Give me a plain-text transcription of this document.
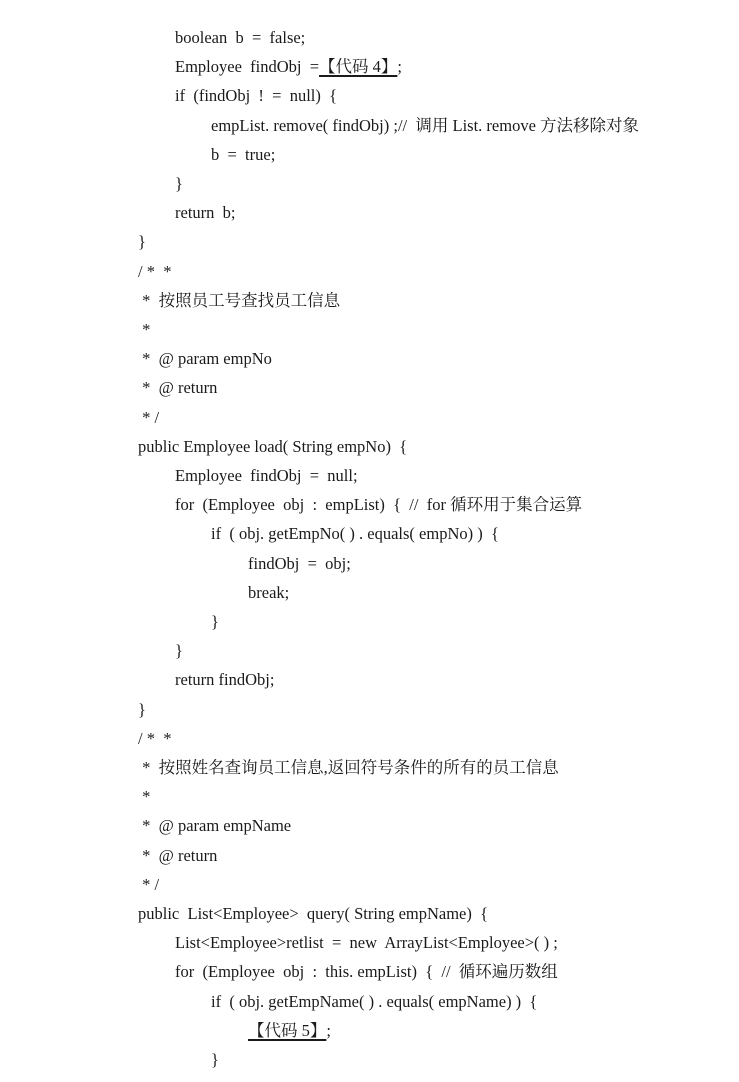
boolean  b  =  false;
Employee  findObj  =【代码 4】;
if  (findObj  !  =  null)  {
empList. remove( findObj) ;//  调用 List. remove 方法移除对象
b  =  true;
}
return  b;
}
/ *  *
*  按照员工号查找员工信息
*
*  @ param empNo
*  @ return
* /
public Employee load( String empNo)  {
Employee  findObj  =  null;
for  (Employee  obj  :  empList)  {  //  for 循环用于集合运算
if  ( obj. getEmpNo( ) . equals( empNo) )  {
findObj  =  obj;
break;
}
}
return findObj;
}
/ *  *
*  按照姓名查询员工信息,返回符号条件的所有的员工信息
*
*  @ param empName
*  @ return
* /
public  List<Employee>  query( String empName)  {
List<Employee>retlist  =  new  ArrayList<Employee>( ) ;
for  (Employee  obj  :  this. empList)  {  //  循环遍历数组
if  ( obj. getEmpName( ) . equals( empName) )  {
【代码 5】;
}
